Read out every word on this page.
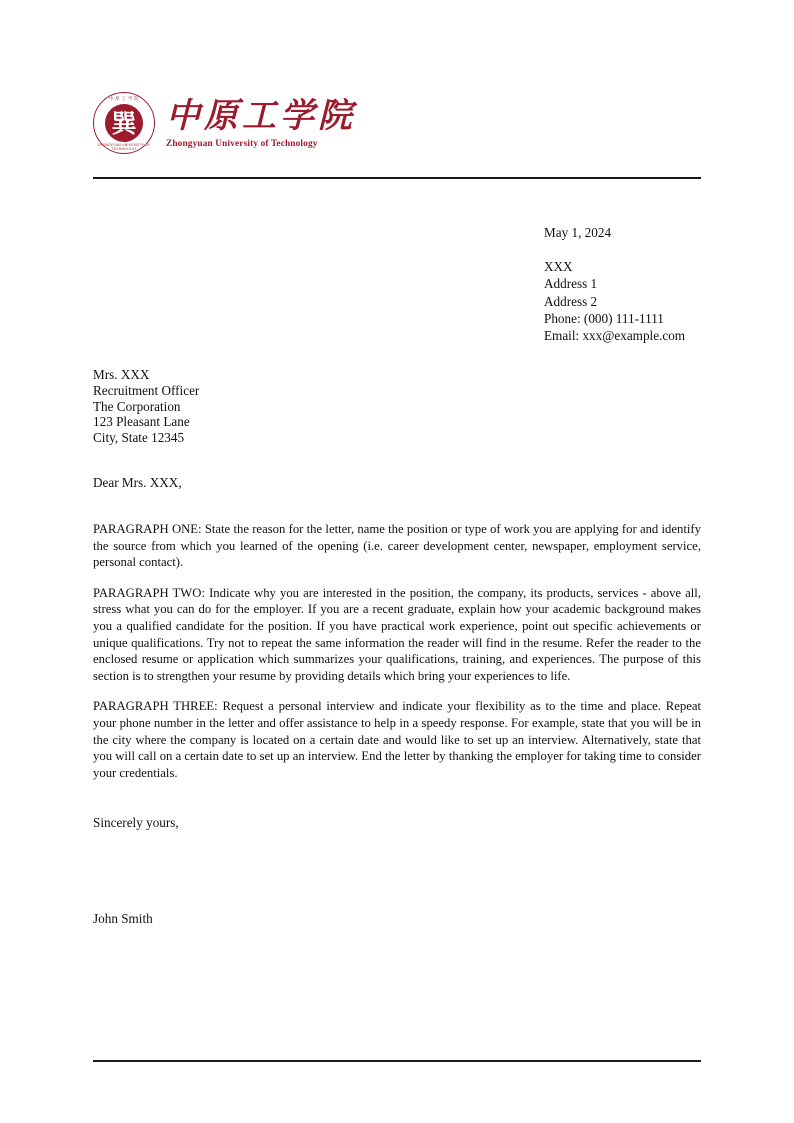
中 原 工 学 院
巽
ZHONGYUAN UNIVERSITY OF TECHNOLOGY
中原工学院
Zhongyuan University of Technology
May 1, 2024
XXX
Address 1
Address 2
Phone: (000) 111-1111
Email: xxx@example.com
Mrs. XXX
Recruitment Officer
The Corporation
123 Pleasant Lane
City, State 12345
Dear Mrs. XXX,

PARAGRAPH ONE: State the reason for the letter, name the position or type of work you are applying for and identify the source from which you learned of the opening (i.e. career development center, newspaper, employment service, personal contact).

PARAGRAPH TWO: Indicate why you are interested in the position, the company, its products, services - above all, stress what you can do for the employer. If you are a recent graduate, explain how your academic background makes you a qualified candidate for the position. If you have practical work experience, point out specific achievements or unique qualifications. Try not to repeat the same information the reader will find in the resume. Refer the reader to the enclosed resume or application which summarizes your qualifications, training, and experiences. The purpose of this section is to strengthen your resume by providing details which bring your experiences to life.

PARAGRAPH THREE: Request a personal interview and indicate your flexibility as to the time and place. Repeat your phone number in the letter and offer assistance to help in a speedy response. For example, state that you will be in the city where the company is located on a certain date and would like to set up an interview. Alternatively, state that you will call on a certain date to set up an interview. End the letter by thanking the employer for taking time to consider your credentials.

Sincerely yours,
John Smith
